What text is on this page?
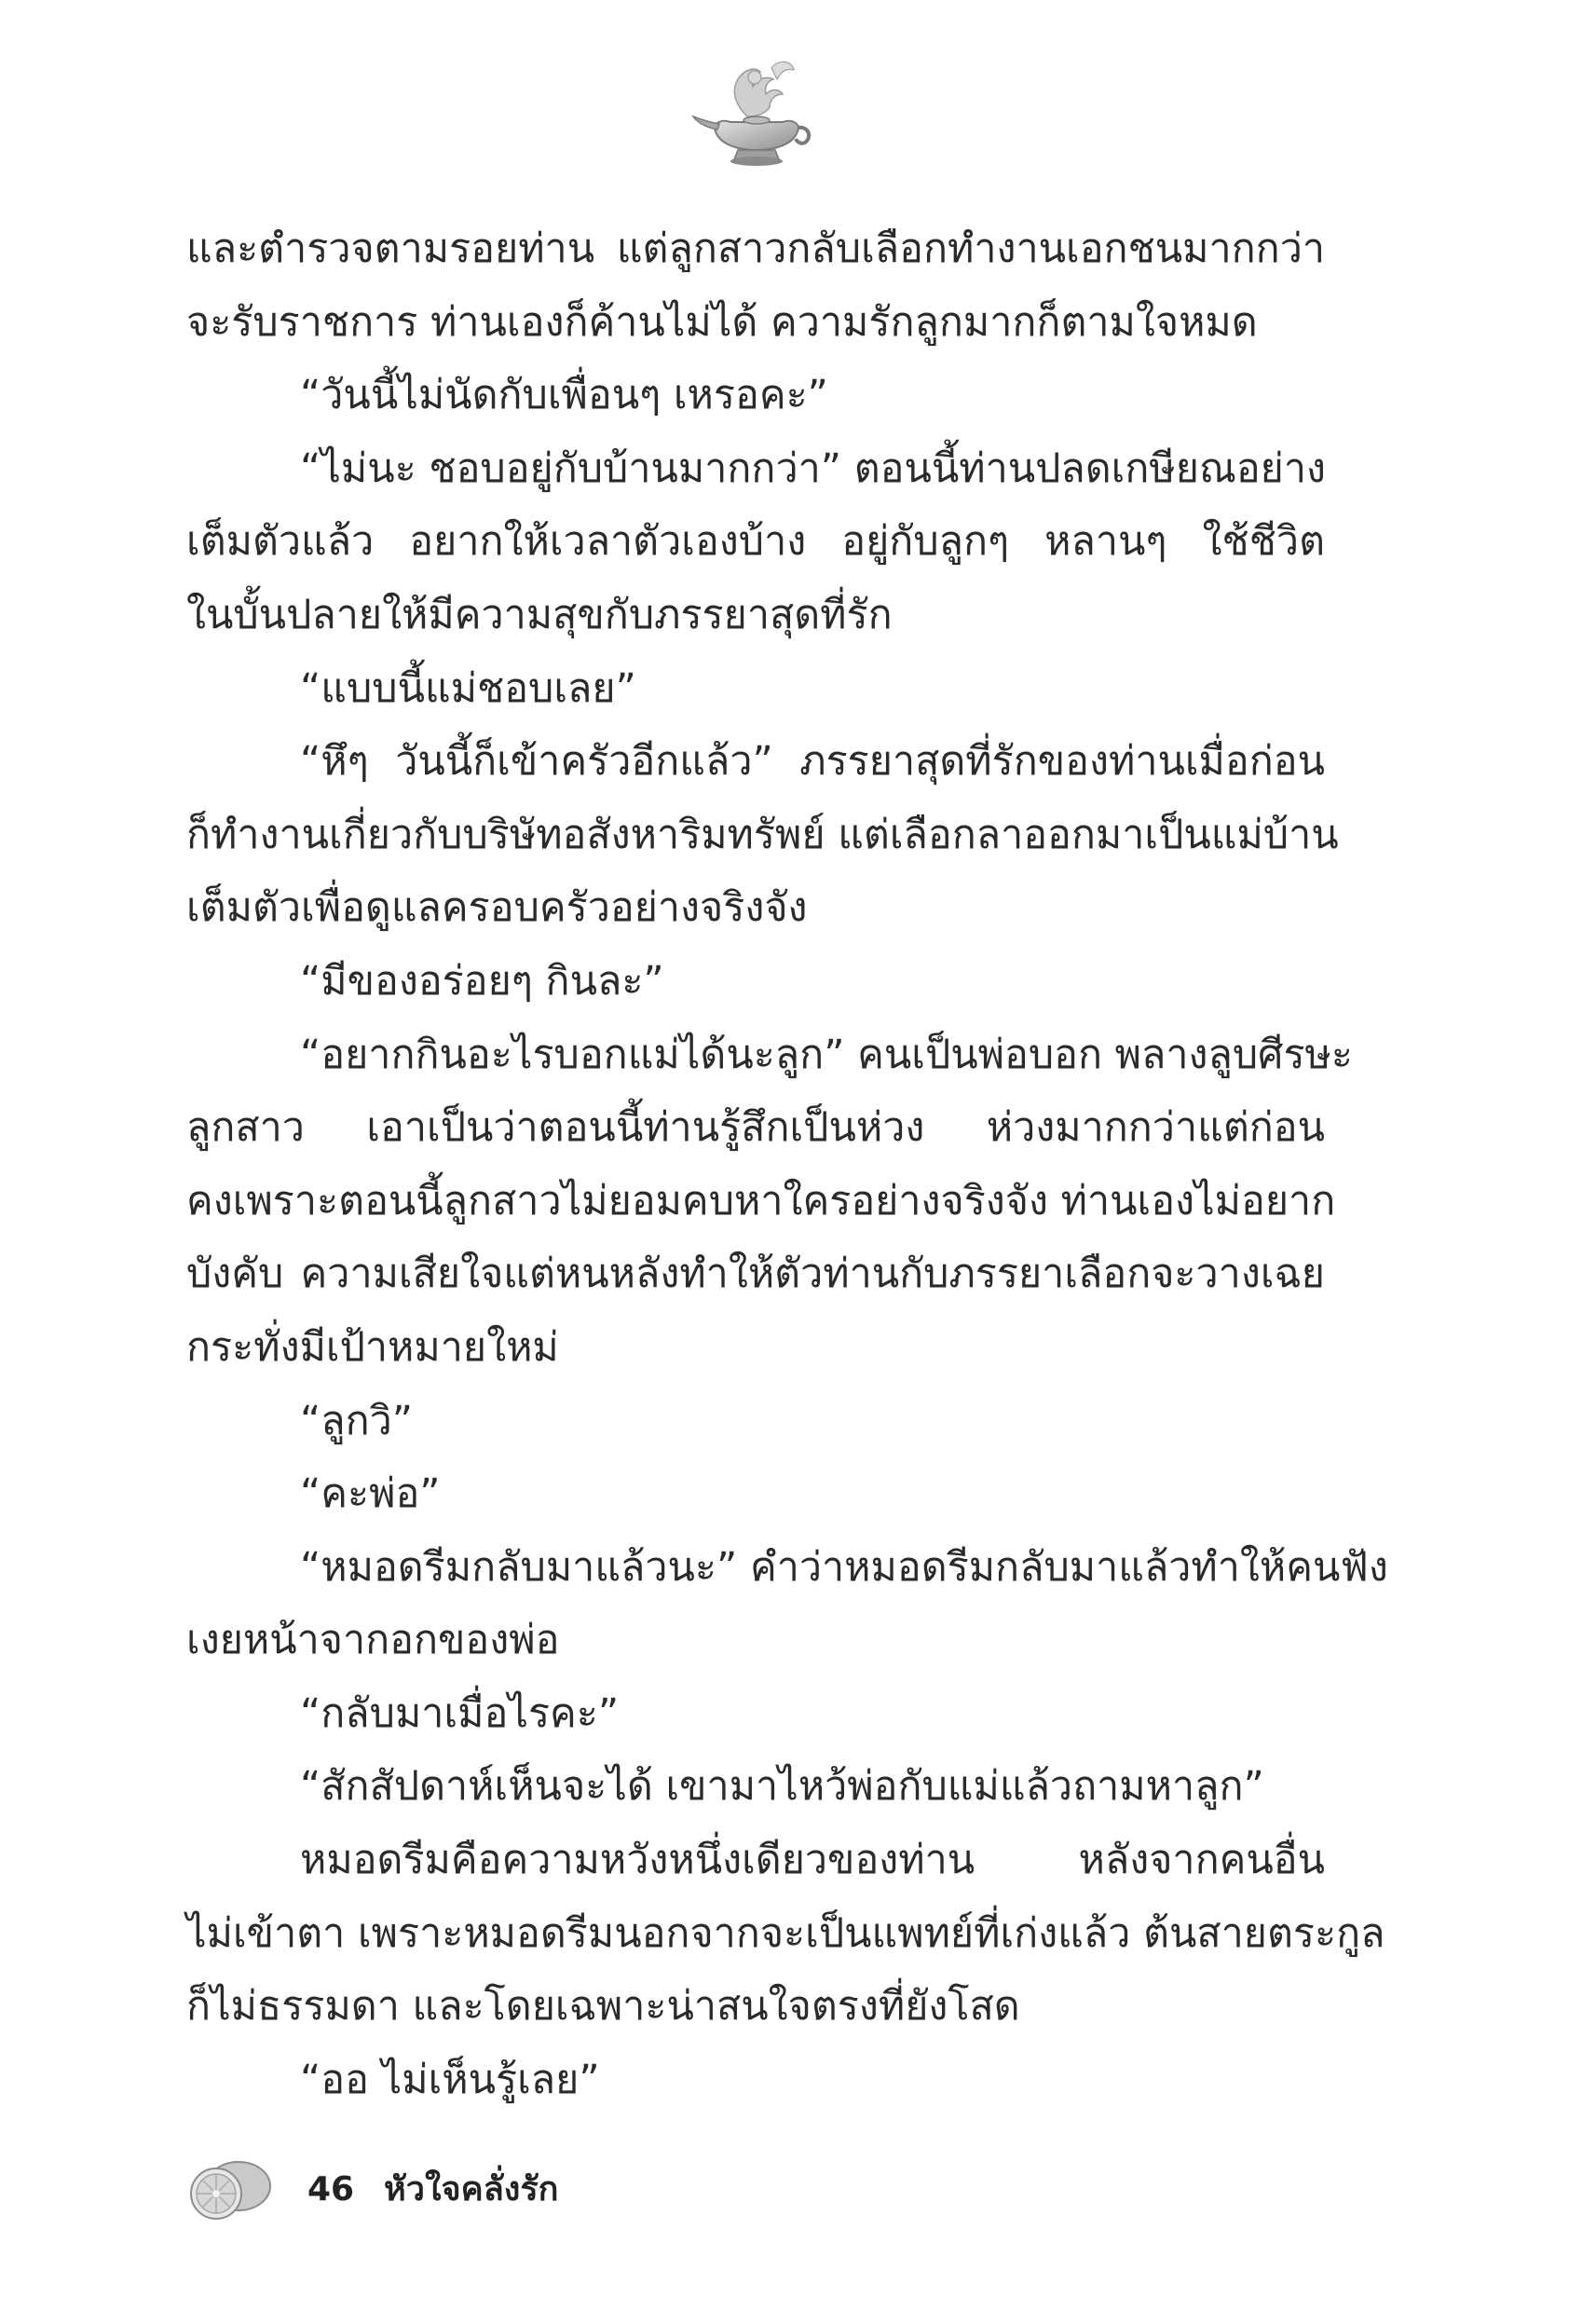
และตำรวจตามรอยท่าน แต่ลูกสาวกลับเลือกทำงานเอกชนมากกว่า
จะรับราชการ ท่านเองก็ค้านไม่ได้ ความรักลูกมากก็ตามใจหมด
“วันนี้ไม่นัดกับเพื่อนๆ เหรอคะ”
“ไม่นะ ชอบอยู่กับบ้านมากกว่า” ตอนนี้ท่านปลดเกษียณอย่าง
เต็มตัวแล้ว อยากให้เวลาตัวเองบ้าง อยู่กับลูกๆ หลานๆ ใช้ชีวิต
ในบั้นปลายให้มีความสุขกับภรรยาสุดที่รัก
“แบบนี้แม่ชอบเลย”
“หึๆ วันนี้ก็เข้าครัวอีกแล้ว” ภรรยาสุดที่รักของท่านเมื่อก่อน
ก็ทำงานเกี่ยวกับบริษัทอสังหาริมทรัพย์ แต่เลือกลาออกมาเป็นแม่บ้าน
เต็มตัวเพื่อดูแลครอบครัวอย่างจริงจัง
“มีของอร่อยๆ กินละ”
“อยากกินอะไรบอกแม่ได้นะลูก” คนเป็นพ่อบอก พลางลูบศีรษะ
ลูกสาว เอาเป็นว่าตอนนี้ท่านรู้สึกเป็นห่วง ห่วงมากกว่าแต่ก่อน
คงเพราะตอนนี้ลูกสาวไม่ยอมคบหาใครอย่างจริงจัง ท่านเองไม่อยาก
บังคับ ความเสียใจแต่หนหลังทำให้ตัวท่านกับภรรยาเลือกจะวางเฉย
กระทั่งมีเป้าหมายใหม่
“ลูกวิ”
“คะพ่อ”
“หมอดรีมกลับมาแล้วนะ” คำว่าหมอดรีมกลับมาแล้วทำให้คนฟัง
เงยหน้าจากอกของพ่อ
“กลับมาเมื่อไรคะ”
“สักสัปดาห์เห็นจะได้ เขามาไหว้พ่อกับแม่แล้วถามหาลูก”
หมอดรีมคือความหวังหนึ่งเดียวของท่าน หลังจากคนอื่น
ไม่เข้าตา เพราะหมอดรีมนอกจากจะเป็นแพทย์ที่เก่งแล้ว ต้นสายตระกูล
ก็ไม่ธรรมดา และโดยเฉพาะน่าสนใจตรงที่ยังโสด
“ออ ไม่เห็นรู้เลย”
46 หัวใจคลั่งรัก
